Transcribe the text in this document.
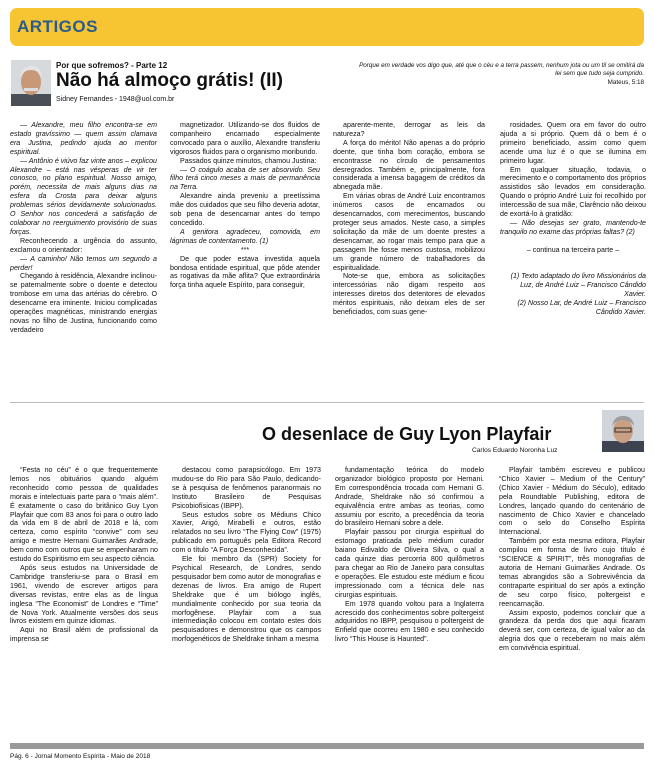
ARTIGOS
Por que sofremos? - Parte 12
Não há almoço grátis! (II)
Sidney Fernandes - 1948@uol.com.br
Porque em verdade vos digo que, até que o céu e a terra passem, nenhum jota ou um til se omitirá da lei sem que tudo seja cumprido.
Mateus, 5:18

— Alexandre, meu filho encontra-se em estado gravíssimo — quem assim clamava era Justina, pedindo ajuda ao mentor espiritual.

— Antônio é viúvo faz vinte anos – explicou Alexandre – está nas vésperas de vir ter conosco, no plano espiritual. Nosso amigo, porém, necessita de mais alguns dias na esfera da Crosta para deixar alguns problemas sérios devidamente solucionados. O Senhor nos concederá a satisfação de colaborar no reerguimento provisório de suas forças.

Reconhecendo a urgência do assunto, exclamou o orientador:

— A caminho! Não temos um segundo a perder!

Chegando à residência, Alexandre inclinou-se paternalmente sobre o doente e detectou trombose em uma das artérias do cérebro. O desencarne era iminente. Iniciou complicadas operações magnéticas, ministrando energias novas no filho de Justina, funcionando como verdadeiro

magnetizador. Utilizando-se dos fluidos de companheiro encarnado especialmente convocado para o auxílio, Alexandre transferiu vigorosos fluidos para o organismo moribundo.

Passados quinze minutos, chamou Justina:

— O coágulo acaba de ser absorvido. Seu filho terá cinco meses a mais de permanência na Terra.

Alexandre ainda preveniu a preetíssima mãe dos cuidados que seu filho deveria adotar, sob pena de desencarnar antes do tempo concedido.

A genitora agradeceu, comovida, em lágrimas de contentamento. (1)

***

De que poder estava investida aquela bondosa entidade espiritual, que pôde atender as rogativas da mãe aflita? Que extraordinária força tinha aquele Espírito, para conseguir,

aparente-mente, derrogar as leis da natureza?

A força do mérito! Não apenas a do próprio doente, que tinha bom coração, embora se encontrasse no círculo de pensamentos desregrados. Também e, principalmente, fora considerada a imensa bagagem de créditos da abnegada mãe.

Em várias obras de André Luiz encontramos inúmeros casos de encarnados ou desencarnados, com merecimentos, buscando proteger seus amados. Neste caso, a simples solicitação da mãe de um doente prestes a desencarnar, ao rogar mais tempo para que a passagem lhe fosse menos custosa, mobilizou um grande número de trabalhadores da espiritualidade.

Note-se que, embora as solicitações intercessórias não digam respeito aos interesses diretos dos detentores de elevados méritos espirituais, não deixam eles de ser beneficiados, com suas gene-

rosidades. Quem ora em favor do outro ajuda a si próprio. Quem dá o bem é o primeiro beneficiado, assim como quem acende uma luz é o que se ilumina em primeiro lugar.

Em qualquer situação, todavia, o merecimento e o comportamento dos próprios assistidos são levados em consideração. Quando o próprio André Luiz foi recolhido por intercessão de sua mãe, Clarêncio não deixou de exortá-lo à gratidão:

— Não desejas ser grato, mantendo-te tranquilo no exame das próprias faltas? (2)

– continua na terceira parte –

(1) Texto adaptado do livro Missionários da Luz, de André Luiz – Francisco Cândido Xavier.

(2) Nosso Lar, de André Luiz – Francisco Cândido Xavier.

O desenlace de Guy Lyon Playfair
Carlos Eduardo Noronha Luz

“Festa no céu” é o que frequentemente lemos nos obituários quando alguém reconhecido como pessoa de qualidades morais e intelectuais parte para o “mais além”. É exatamente o caso do britânico Guy Lyon Playfair que com 83 anos foi para o outro lado da vida em 8 de abril de 2018 e lá, com certeza, como espírito “convive” com seu amigo e mestre Hernani Guimarães Andrade, bem como com outros que se empenharam no estudo do Espiritismo em seu aspecto ciência.

Após seus estudos na Universidade de Cambridge transferiu-se para o Brasil em 1961, vivendo de escrever artigos para diversas revistas, entre elas as de língua inglesa “The Economist” de Londres e “Time” de Nova York. Atualmente versões dos seus livros existem em quinze idiomas.

Aqui no Brasil além de profissional da imprensa se

destacou como parapsicólogo. Em 1973 mudou-se do Rio para São Paulo, dedicando-se à pesquisa de fenômenos paranormais no Instituto Brasileiro de Pesquisas Psicobiofísicas (IBPP).

Seus estudos sobre os Médiuns Chico Xavier, Arigó, Mirabelli e outros, estão relatados no seu livro “The Flying Cow” (1975) publicado em português pela Editora Record com o título “A Força Desconhecida”.

Ele foi membro da (SPR) Society for Psychical Research, de Londres, sendo pesquisador bem como autor de monografias e dezenas de livros. Era amigo de Rupert Sheldrake que é um biólogo inglês, mundialmente conhecido por sua teoria da morfogênese. Playfair com a sua intermediação colocou em contato estes dois pesquisadores e demonstrou que os campos morfogenéticos de Sheldrake tinham a mesma

fundamentação teórica do modelo organizador biológico proposto por Hernani. Em correspondência trocada com Hernani G. Andrade, Sheldrake não só confirmou a equivalência entre ambas as teorias, como assumiu por escrito, a precedência da teoria do brasileiro Hernani sobre a dele.

Playfair passou por cirurgia espiritual do estomago praticada pelo médium curador baiano Edivaldo de Oliveira Silva, o qual a cada quinze dias percorria 800 quilômetros para chegar ao Rio de Janeiro para consultas e operações. Ele estudou este médium e ficou impressionado com a técnica dele nas cirurgias espirituais.

Em 1978 quando voltou para a Inglaterra acrescido dos conhecimentos sobre poltergeist adquiridos no IBPP, pesquisou o poltergeist de Enfield que ocorreu em 1980 e seu conhecido livro “This House is Haunted”.

Playfair também escreveu e publicou “Chico Xavier – Medium of the Century” (Chico Xavier - Médium do Século), editado pela Roundtable Publishing, editora de Londres, lançado quando do centenário de nascimento de Chico Xavier e chancelado com o selo do Conselho Espírita Internacional.

Também por esta mesma editora, Playfair compilou em forma de livro cujo título é “SCIENCE & SPIRIT”, três monografias de autoria de Hernani Guimarães Andrade. Os temas abrangidos são a Sobrevivência da contraparte espiritual do ser após a extinção de seu corpo físico, poltergeist e reencarnação.

Assim exposto, podemos concluir que a grandeza da perda dos que aqui ficaram deverá ser, com certeza, de igual valor ao da alegria dos que o receberam no mais além em convivência espiritual.

Pág. 6 - Jornal Momento Espírita - Maio de 2018
